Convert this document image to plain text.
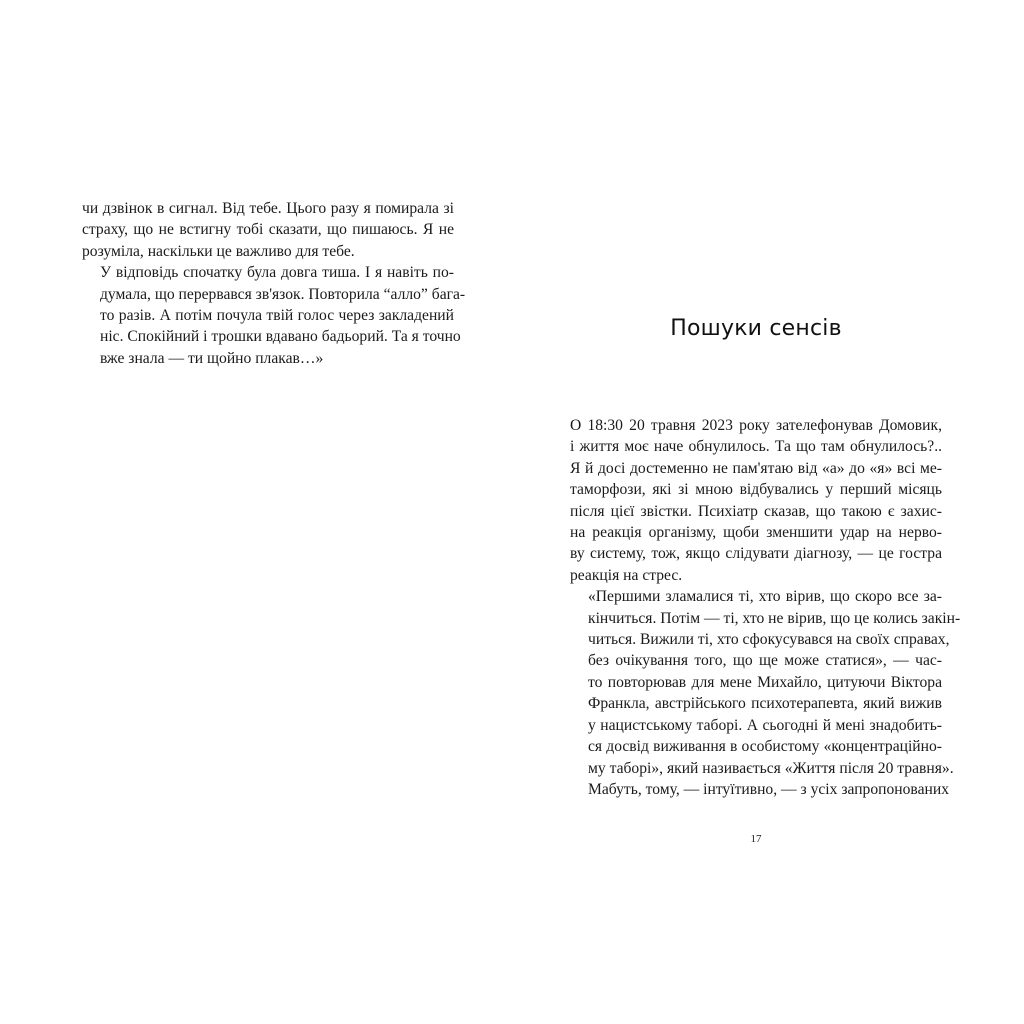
чи дзвінок в сигнал. Від тебе. Цього разу я помирала зі
страху, що не встигну тобі сказати, що пишаюсь. Я не
розуміла, наскільки це важливо для тебе.

У відповідь спочатку була довга тиша. І я навіть по-
думала, що перервався зв'язок. Повторила “алло” бага-
то разів. А потім почула твій голос через закладений
ніс. Спокійний і трошки вдавано бадьорий. Та я точно
вже знала — ти щойно плакав…»

Пошуки сенсів

О 18:30 20 травня 2023 року зателефонував Домовик,
і життя моє наче обнулилось. Та що там обнулилось?..
Я й досі достеменно не пам'ятаю від «а» до «я» всі ме-
таморфози, які зі мною відбувались у перший місяць
після цієї звістки. Психіатр сказав, що такою є захис-
на реакція організму, щоби зменшити удар на нерво-
ву систему, тож, якщо слідувати діагнозу, — це гостра
реакція на стрес.

«Першими зламалися ті, хто вірив, що скоро все за-
кінчиться. Потім — ті, хто не вірив, що це колись закін-
читься. Вижили ті, хто сфокусувався на своїх справах,
без очікування того, що ще може статися», — час-
то повторював для мене Михайло, цитуючи Віктора
Франкла, австрійського психотерапевта, який вижив
у нацистському таборі. А сьогодні й мені знадобить-
ся досвід виживання в особистому «концентраційно-
му таборі», який називається «Життя після 20 травня».
Мабуть, тому, — інтуїтивно, — з усіх запропонованих

17
